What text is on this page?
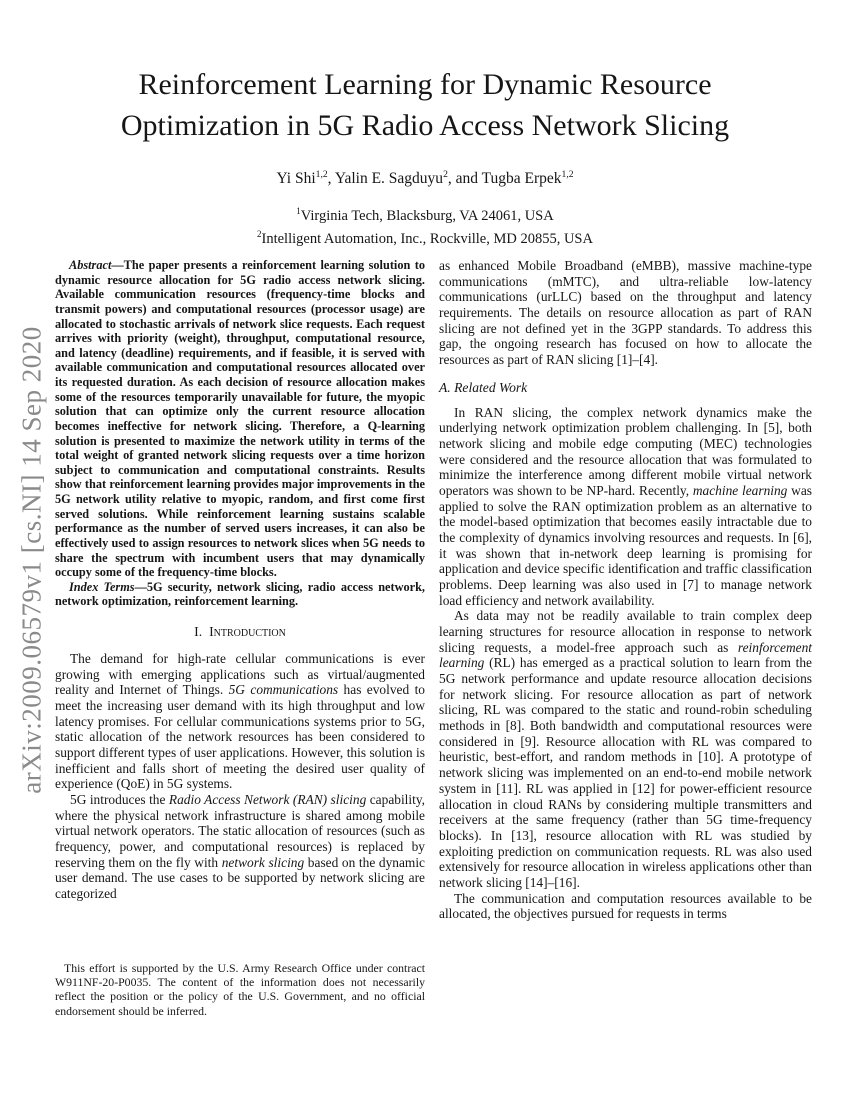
arXiv:2009.06579v1 [cs.NI] 14 Sep 2020
Reinforcement Learning for Dynamic Resource Optimization in 5G Radio Access Network Slicing
Yi Shi$^{1,2}$, Yalin E. Sagduyu$^2$, and Tugba Erpek$^{1,2}$
$^1$Virginia Tech, Blacksburg, VA 24061, USA
$^2$Intelligent Automation, Inc., Rockville, MD 20855, USA

Abstract—The paper presents a reinforcement learning solution to dynamic resource allocation for 5G radio access network slicing. Available communication resources (frequency-time blocks and transmit powers) and computational resources (processor usage) are allocated to stochastic arrivals of network slice requests. Each request arrives with priority (weight), throughput, computational resource, and latency (deadline) requirements, and if feasible, it is served with available communication and computational resources allocated over its requested duration. As each decision of resource allocation makes some of the resources temporarily unavailable for future, the myopic solution that can optimize only the current resource allocation becomes ineffective for network slicing. Therefore, a Q-learning solution is presented to maximize the network utility in terms of the total weight of granted network slicing requests over a time horizon subject to communication and computational constraints. Results show that reinforcement learning provides major improvements in the 5G network utility relative to myopic, random, and first come first served solutions. While reinforcement learning sustains scalable performance as the number of served users increases, it can also be effectively used to assign resources to network slices when 5G needs to share the spectrum with incumbent users that may dynamically occupy some of the frequency-time blocks.

Index Terms—5G security, network slicing, radio access network, network optimization, reinforcement learning.

I.  Introduction

The demand for high-rate cellular communications is ever growing with emerging applications such as virtual/augmented reality and Internet of Things. 5G communications has evolved to meet the increasing user demand with its high throughput and low latency promises. For cellular communications systems prior to 5G, static allocation of the network resources has been considered to support different types of user applications. However, this solution is inefficient and falls short of meeting the desired user quality of experience (QoE) in 5G systems.

5G introduces the Radio Access Network (RAN) slicing capability, where the physical network infrastructure is shared among mobile virtual network operators. The static allocation of resources (such as frequency, power, and computational resources) is replaced by reserving them on the fly with network slicing based on the dynamic user demand. The use cases to be supported by network slicing are categorized

This effort is supported by the U.S. Army Research Office under contract W911NF-20-P0035. The content of the information does not necessarily reflect the position or the policy of the U.S. Government, and no official endorsement should be inferred.

as enhanced Mobile Broadband (eMBB), massive machine-type communications (mMTC), and ultra-reliable low-latency communications (urLLC) based on the throughput and latency requirements. The details on resource allocation as part of RAN slicing are not defined yet in the 3GPP standards. To address this gap, the ongoing research has focused on how to allocate the resources as part of RAN slicing [1]–[4].

A. Related Work

In RAN slicing, the complex network dynamics make the underlying network optimization problem challenging. In [5], both network slicing and mobile edge computing (MEC) technologies were considered and the resource allocation that was formulated to minimize the interference among different mobile virtual network operators was shown to be NP-hard. Recently, machine learning was applied to solve the RAN optimization problem as an alternative to the model-based optimization that becomes easily intractable due to the complexity of dynamics involving resources and requests. In [6], it was shown that in-network deep learning is promising for application and device specific identification and traffic classification problems. Deep learning was also used in [7] to manage network load efficiency and network availability.

As data may not be readily available to train complex deep learning structures for resource allocation in response to network slicing requests, a model-free approach such as reinforcement learning (RL) has emerged as a practical solution to learn from the 5G network performance and update resource allocation decisions for network slicing. For resource allocation as part of network slicing, RL was compared to the static and round-robin scheduling methods in [8]. Both bandwidth and computational resources were considered in [9]. Resource allocation with RL was compared to heuristic, best-effort, and random methods in [10]. A prototype of network slicing was implemented on an end-to-end mobile network system in [11]. RL was applied in [12] for power-efficient resource allocation in cloud RANs by considering multiple transmitters and receivers at the same frequency (rather than 5G time-frequency blocks). In [13], resource allocation with RL was studied by exploiting prediction on communication requests. RL was also used extensively for resource allocation in wireless applications other than network slicing [14]–[16].

The communication and computation resources available to be allocated, the objectives pursued for requests in terms
